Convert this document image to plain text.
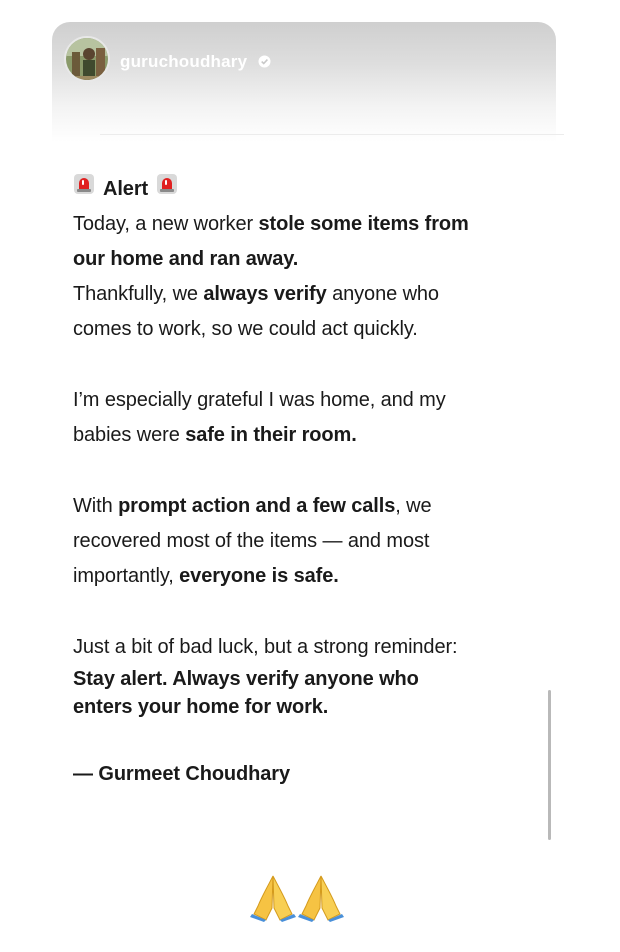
guruchoudhary

Alert

Today, a new worker stole some items from

our home and ran away.

Thankfully, we always verify anyone who

comes to work, so we could act quickly.

I’m especially grateful I was home, and my

babies were safe in their room.

With prompt action and a few calls, we

recovered most of the items — and most

importantly, everyone is safe.

Just a bit of bad luck, but a strong reminder:

Stay alert. Always verify anyone who

enters your home for work.

— Gurmeet Choudhary
